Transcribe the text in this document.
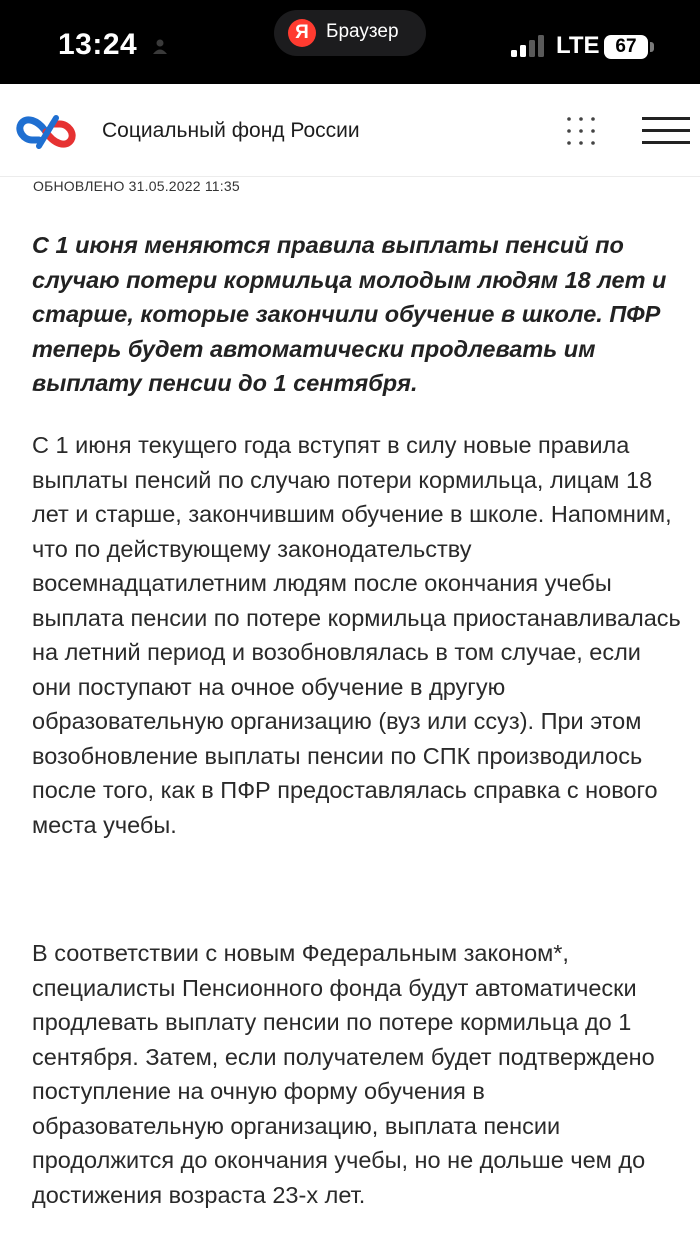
13:24	Я Браузер
LTE 67
Социальный фонд России
ОБНОВЛЕНО 31.05.2022 11:35

С 1 июня меняются правила выплаты пенсий по случаю потери кормильца молодым людям 18 лет и старше, которые закончили обучение в школе. ПФР теперь будет автоматически продлевать им выплату пенсии до 1 сентября.

С 1 июня текущего года вступят в силу новые правила выплаты пенсий по случаю потери кормильца, лицам 18 лет и старше, закончившим обучение в школе. Напомним, что по действующему законодательству восемнадцатилетним людям после окончания учебы выплата пенсии по потере кормильца приостанавливалась на летний период и возобновлялась в том случае, если они поступают на очное обучение в другую образовательную организацию (вуз или ссуз). При этом возобновление выплаты пенсии по СПК производилось после того, как в ПФР предоставлялась справка с нового места учебы.

В соответствии с новым Федеральным законом*, специалисты Пенсионного фонда будут автоматически продлевать выплату пенсии по потере кормильца до 1 сентября. Затем, если получателем будет подтверждено поступление на очную форму обучения в образовательную организацию, выплата пенсии продолжится до окончания учебы, но не дольше чем до достижения возраста 23-х лет.
